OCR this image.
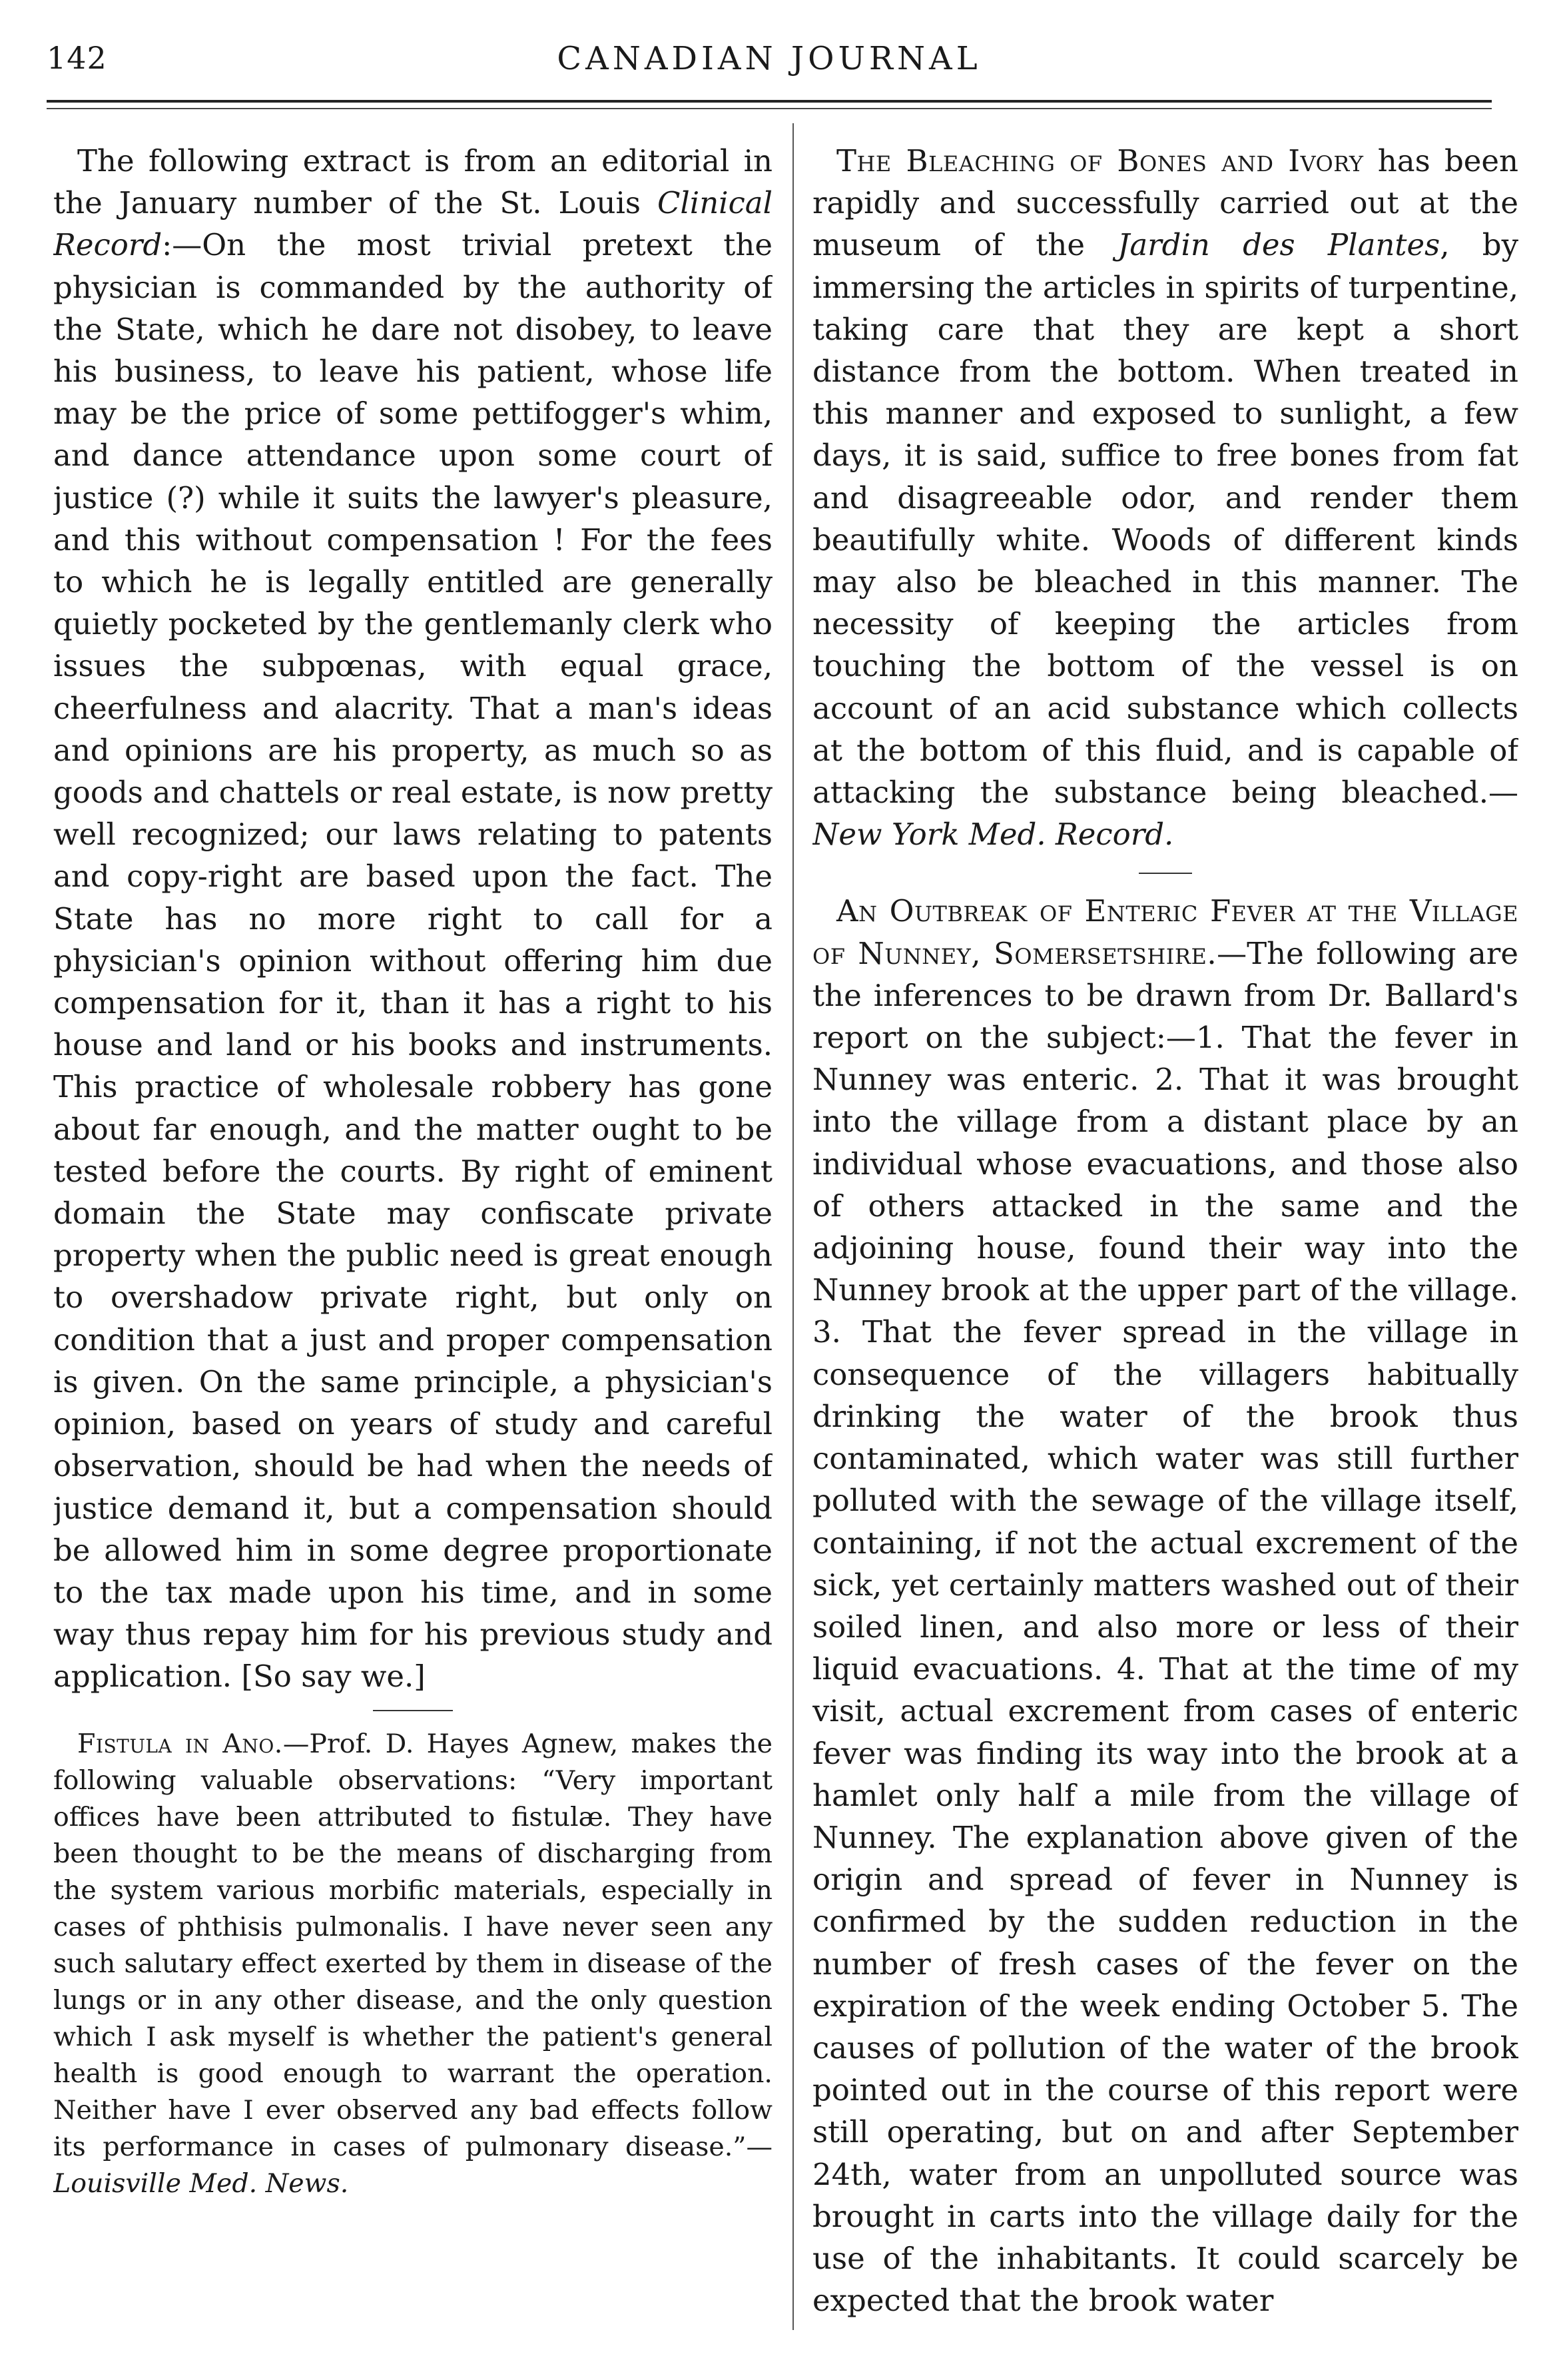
142	CANADIAN JOURNAL

The following extract is from an editorial in the January number of the St. Louis Clinical Record:—On the most trivial pretext the physician is commanded by the authority of the State, which he dare not disobey, to leave his business, to leave his patient, whose life may be the price of some pettifogger's whim, and dance attendance upon some court of justice (?) while it suits the lawyer's pleasure, and this without compensation ! For the fees to which he is legally entitled are generally quietly pocketed by the gentlemanly clerk who issues the subpœnas, with equal grace, cheerfulness and alacrity. That a man's ideas and opinions are his property, as much so as goods and chattels or real estate, is now pretty well recognized; our laws relating to patents and copy-right are based upon the fact. The State has no more right to call for a physician's opinion without offering him due compensation for it, than it has a right to his house and land or his books and instruments. This practice of wholesale robbery has gone about far enough, and the matter ought to be tested before the courts. By right of eminent domain the State may confiscate private property when the public need is great enough to overshadow private right, but only on condition that a just and proper compensation is given. On the same principle, a physician's opinion, based on years of study and careful observation, should be had when the needs of justice demand it, but a compensation should be allowed him in some degree proportionate to the tax made upon his time, and in some way thus repay him for his previous study and application. [So say we.]

Fistula in Ano.—Prof. D. Hayes Agnew, makes the following valuable observations: “Very important offices have been attributed to fistulæ. They have been thought to be the means of discharging from the system various morbific materials, especially in cases of phthisis pulmonalis. I have never seen any such salutary effect exerted by them in disease of the lungs or in any other disease, and the only question which I ask myself is whether the patient's general health is good enough to warrant the operation. Neither have I ever observed any bad effects follow its performance in cases of pulmonary disease.”—Louisville Med. News.

The Bleaching of Bones and Ivory has been rapidly and successfully carried out at the museum of the Jardin des Plantes, by immersing the articles in spirits of turpentine, taking care that they are kept a short distance from the bottom. When treated in this manner and exposed to sunlight, a few days, it is said, suffice to free bones from fat and disagreeable odor, and render them beautifully white. Woods of different kinds may also be bleached in this manner. The necessity of keeping the articles from touching the bottom of the vessel is on account of an acid substance which collects at the bottom of this fluid, and is capable of attacking the substance being bleached.—New York Med. Record.

An Outbreak of Enteric Fever at the Village of Nunney, Somersetshire.—The following are the inferences to be drawn from Dr. Ballard's report on the subject:—1. That the fever in Nunney was enteric. 2. That it was brought into the village from a distant place by an individual whose evacuations, and those also of others attacked in the same and the adjoining house, found their way into the Nunney brook at the upper part of the village. 3. That the fever spread in the village in consequence of the villagers habitually drinking the water of the brook thus contaminated, which water was still further polluted with the sewage of the village itself, containing, if not the actual excrement of the sick, yet certainly matters washed out of their soiled linen, and also more or less of their liquid evacuations. 4. That at the time of my visit, actual excrement from cases of enteric fever was finding its way into the brook at a hamlet only half a mile from the village of Nunney. The explanation above given of the origin and spread of fever in Nunney is confirmed by the sudden reduction in the number of fresh cases of the fever on the expiration of the week ending October 5. The causes of pollution of the water of the brook pointed out in the course of this report were still operating, but on and after September 24th, water from an unpolluted source was brought in carts into the village daily for the use of the inhabitants. It could scarcely be expected that the brook water
